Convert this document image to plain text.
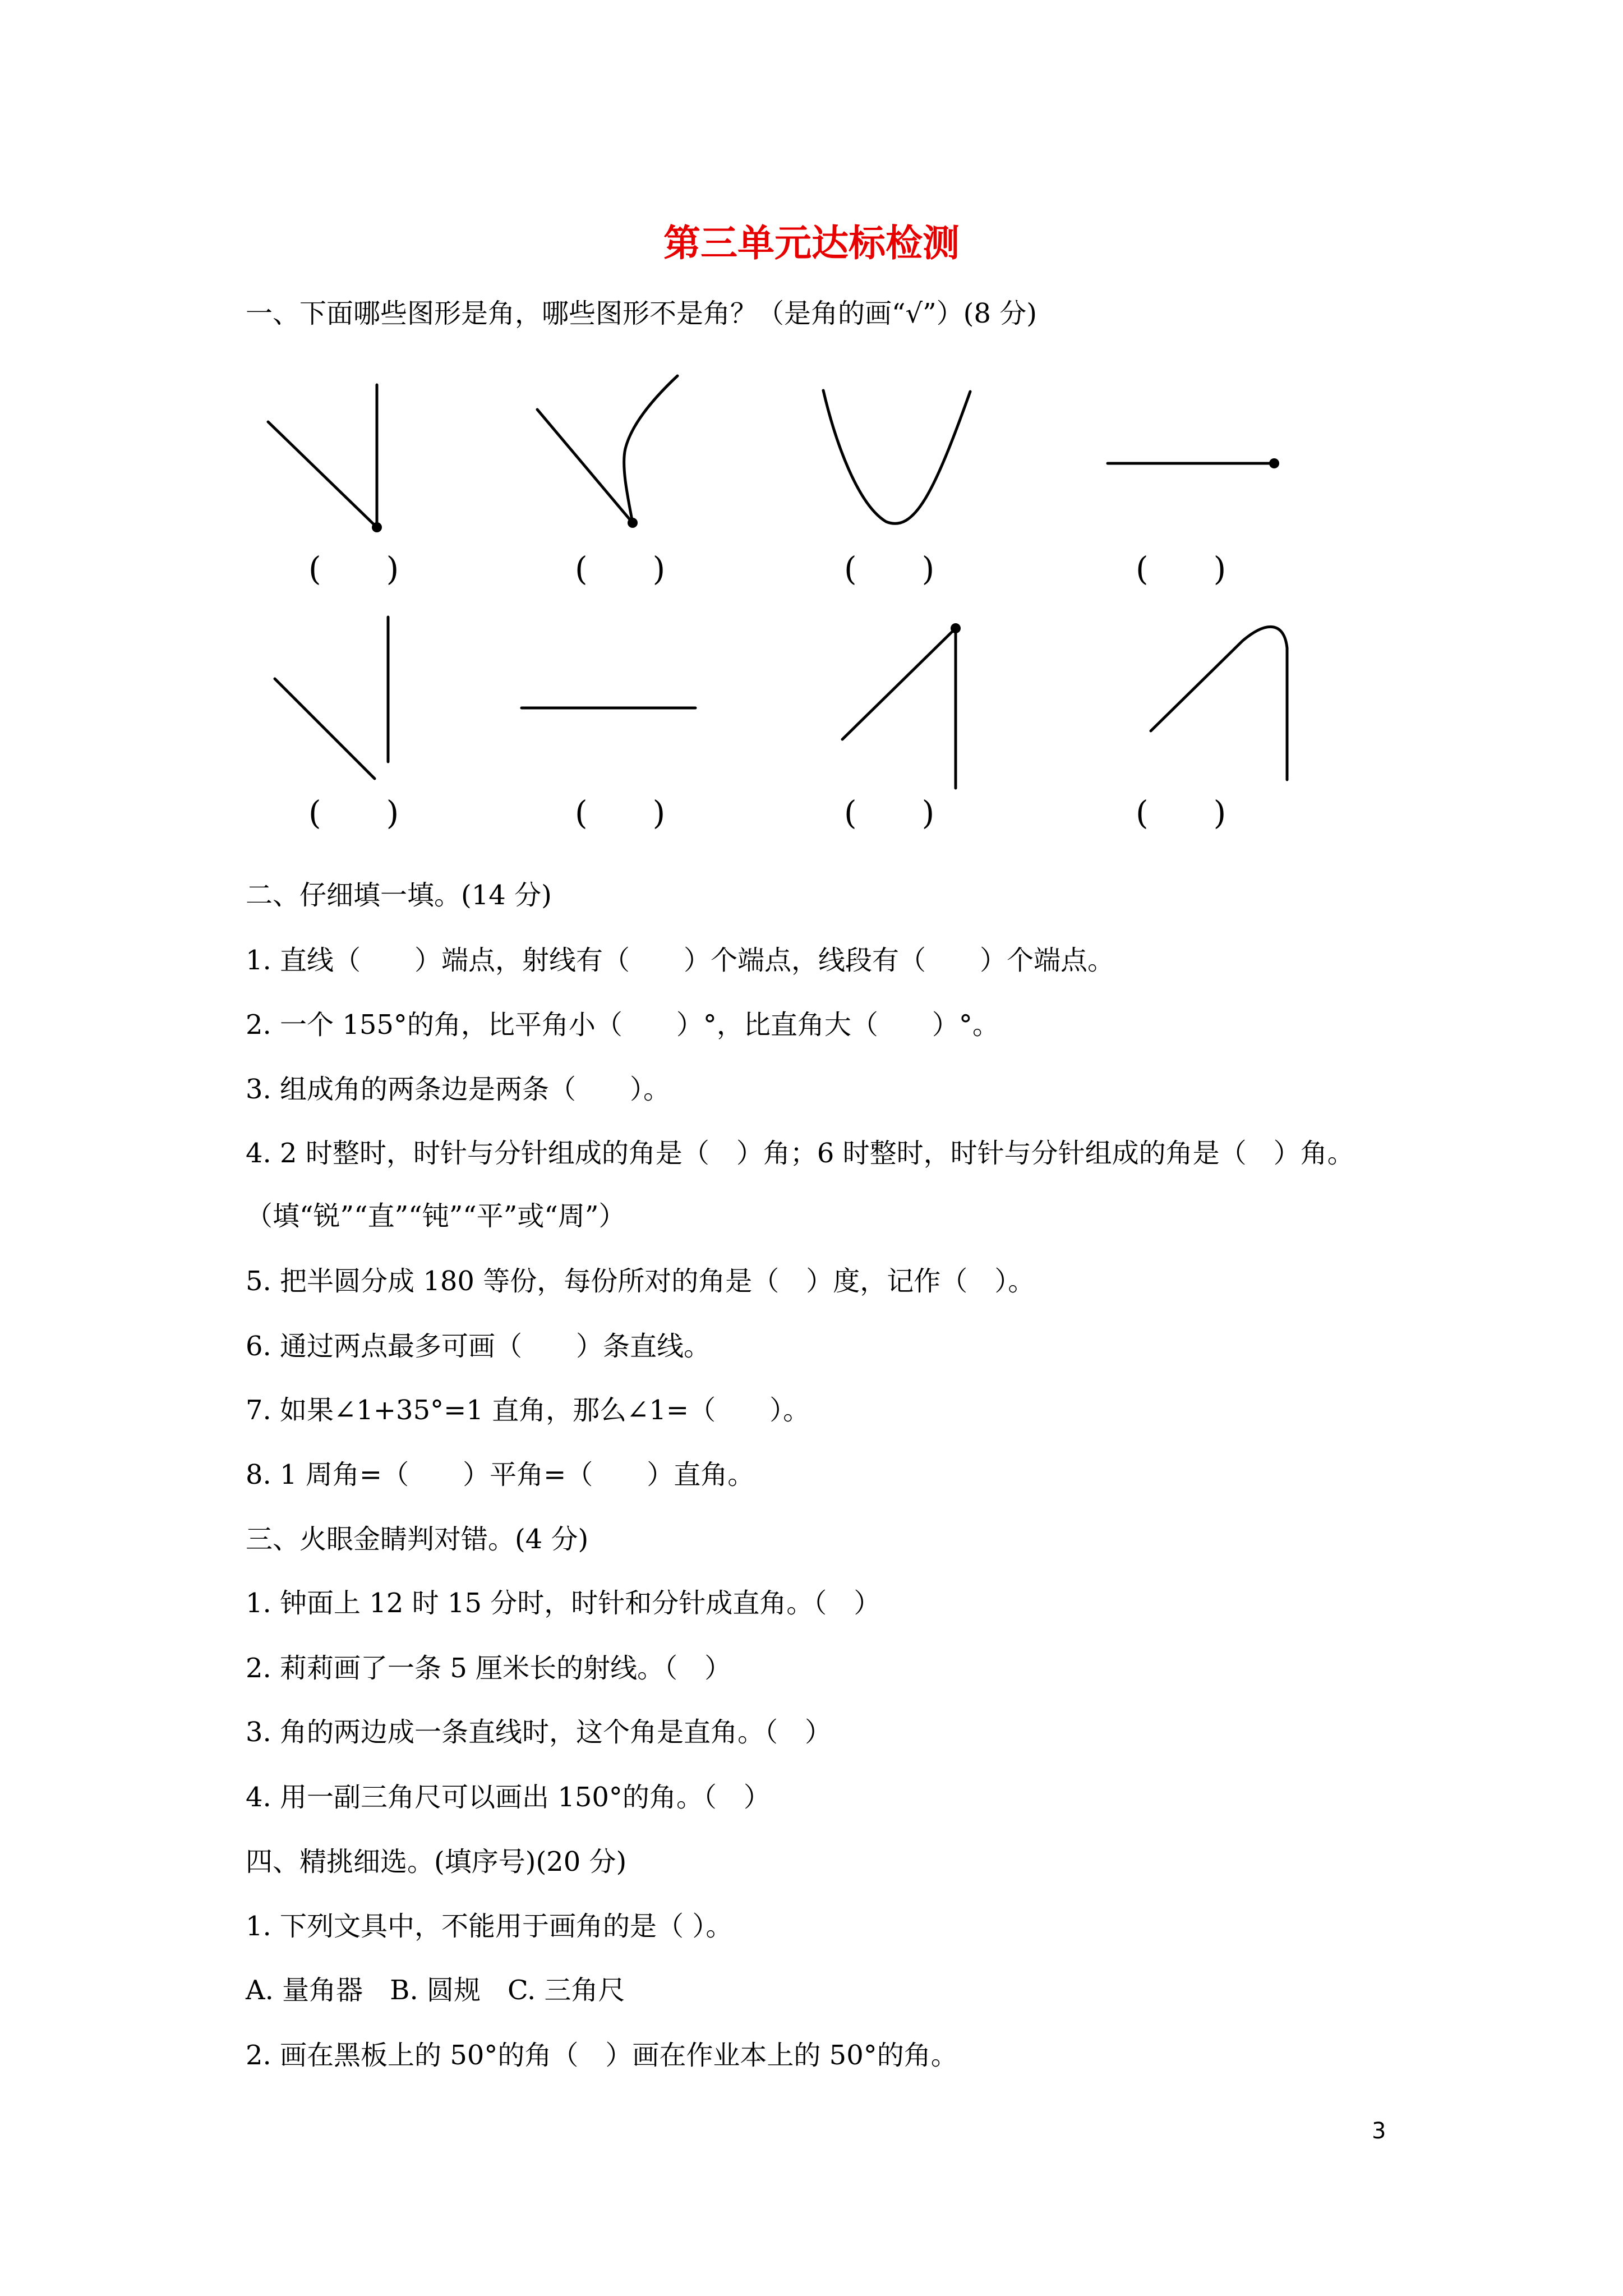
第三单元达标检测
一、下面哪些图形是角，哪些图形不是角？（是角的画“√”）(8 分)
(　　)	(　　)	(　　)	(　　)
(　　)	(　　)	(　　)	(　　)
二、仔细填一填。(14 分)
1. 直线（　　）端点，射线有（　　）个端点，线段有（　　）个端点。
2. 一个 155°的角，比平角小（　　）°，比直角大（　　）°。
3. 组成角的两条边是两条（　　）。
4. 2 时整时，时针与分针组成的角是（　）角；6 时整时，时针与分针组成的角是（　）角。
（填“锐”“直”“钝”“平”或“周”）
5. 把半圆分成 180 等份，每份所对的角是（　）度，记作（　）。
6. 通过两点最多可画（　　）条直线。
7. 如果∠1+35°=1 直角，那么∠1=（　　）。
8. 1 周角=（　　）平角=（　　）直角。
三、火眼金睛判对错。(4 分)
1. 钟面上 12 时 15 分时，时针和分针成直角。（　）
2. 莉莉画了一条 5 厘米长的射线。（　）
3. 角的两边成一条直线时，这个角是直角。（　）
4. 用一副三角尺可以画出 150°的角。（　）
四、精挑细选。(填序号)(20 分)
1. 下列文具中，不能用于画角的是（ ）。
A. 量角器　B. 圆规　C. 三角尺
2. 画在黑板上的 50°的角（　）画在作业本上的 50°的角。
3
